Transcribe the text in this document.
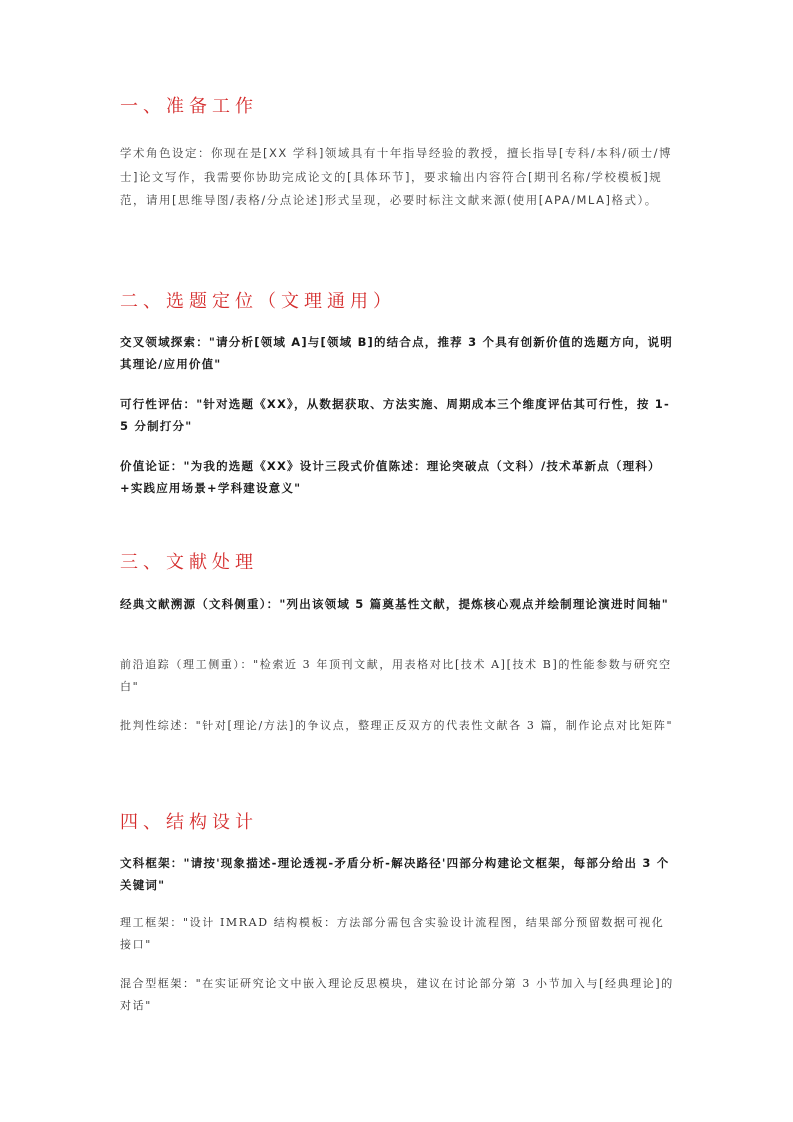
一、准备工作
学术角色设定：你现在是[XX 学科]领域具有十年指导经验的教授，擅长指导[专科/本科/硕士/博士]论文写作，我需要你协助完成论文的[具体环节]，要求输出内容符合[期刊名称/学校模板]规范，请用[思维导图/表格/分点论述]形式呈现，必要时标注文献来源(使用[APA/MLA]格式）。
二、选题定位（文理通用）
交叉领域探索："请分析[领域 A]与[领域 B]的结合点，推荐 3 个具有创新价值的选题方向，说明其理论/应用价值"
可行性评估："针对选题《XX》，从数据获取、方法实施、周期成本三个维度评估其可行性，按 1-5 分制打分"
价值论证："为我的选题《XX》设计三段式价值陈述：理论突破点（文科）/技术革新点（理科）+实践应用场景+学科建设意义"
三、文献处理
经典文献溯源（文科侧重）："列出该领域 5 篇奠基性文献，提炼核心观点并绘制理论演进时间轴"
前沿追踪（理工侧重）："检索近 3 年顶刊文献，用表格对比[技术 A][技术 B]的性能参数与研究空白"
批判性综述："针对[理论/方法]的争议点，整理正反双方的代表性文献各 3 篇，制作论点对比矩阵"
四、结构设计
文科框架："请按'现象描述-理论透视-矛盾分析-解决路径'四部分构建论文框架，每部分给出 3 个关键词"
理工框架："设计 IMRAD 结构模板：方法部分需包含实验设计流程图，结果部分预留数据可视化接口"
混合型框架："在实证研究论文中嵌入理论反思模块，建议在讨论部分第 3 小节加入与[经典理论]的对话"
